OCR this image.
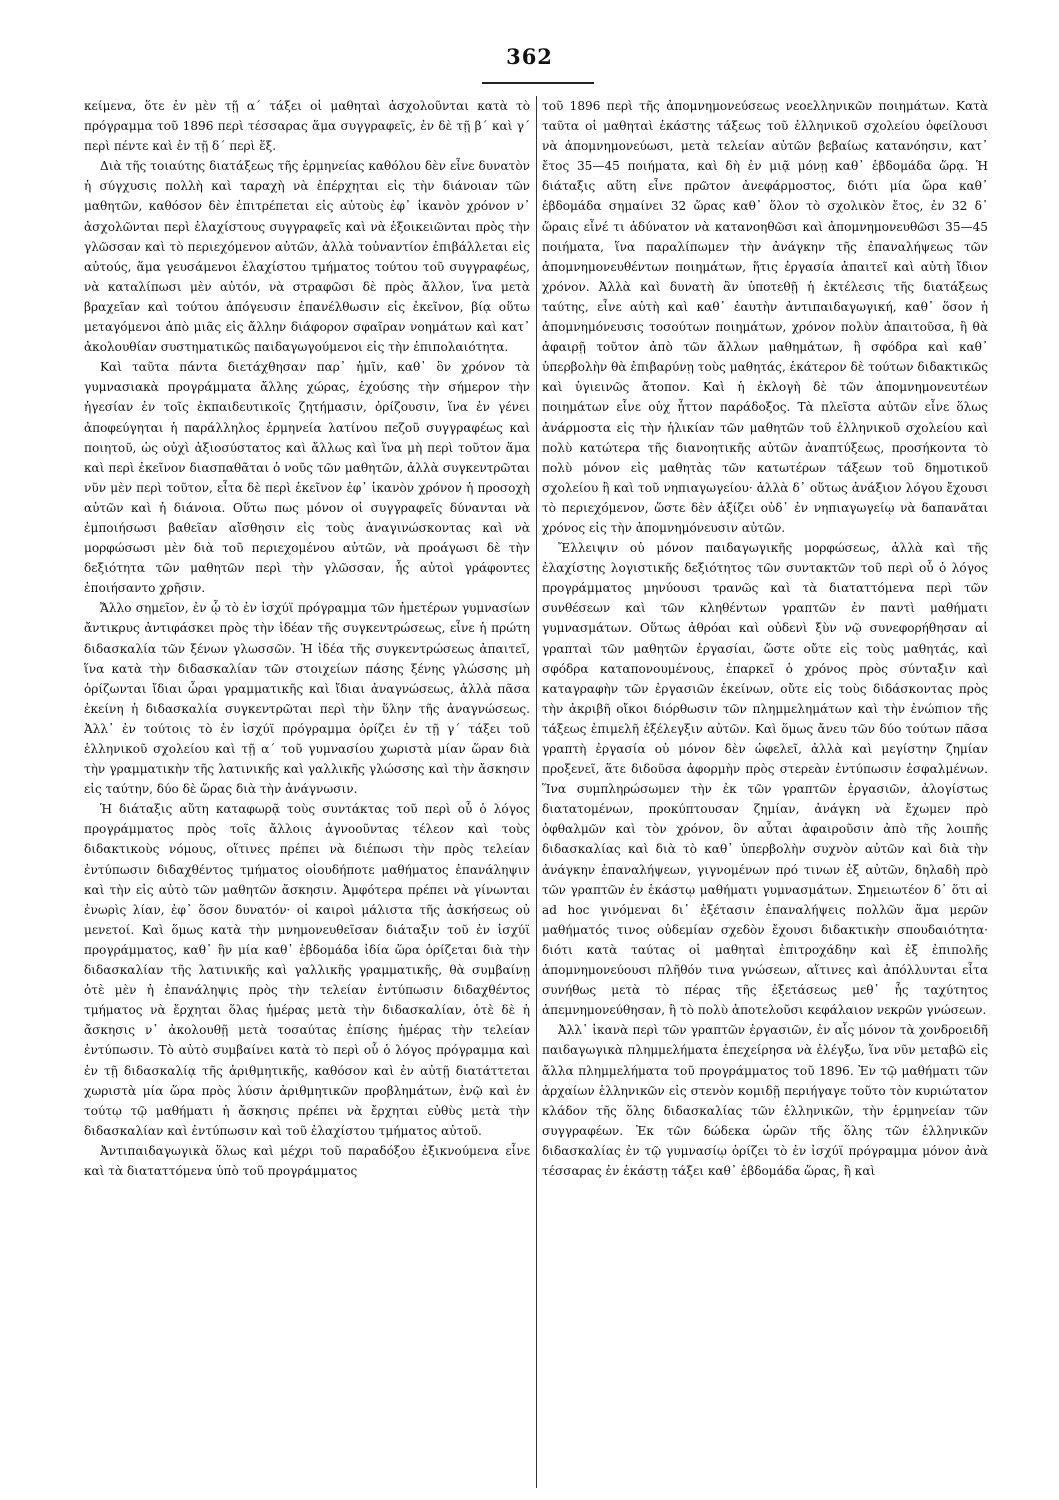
362

κείμενα, ὅτε ἐν μὲν τῇ α΄ τάξει οἱ μαθηταὶ ἀσχολοῦνται κατὰ τὸ πρόγραμμα τοῦ 1896 περὶ τέσσαρας ἅμα συγγραφεῖς, ἐν δὲ τῇ β΄ καὶ γ΄ περὶ πέντε καὶ ἐν τῇ δ΄ περὶ ἕξ.

Διὰ τῆς τοιαύτης διατάξεως τῆς ἑρμηνείας καθόλου δὲν εἶνε δυνατὸν ἡ σύγχυσις πολλὴ καὶ ταραχὴ νὰ ἐπέρχηται εἰς τὴν διάνοιαν τῶν μαθητῶν, καθόσον δὲν ἐπιτρέπεται εἰς αὐτοὺς ἐφ᾽ ἱκανὸν χρόνον ν᾽ ἀσχολῶνται περὶ ἐλαχίστους συγγραφεῖς καὶ νὰ ἐξοικειῶνται πρὸς τὴν γλῶσσαν καὶ τὸ περιεχόμενον αὐτῶν, ἀλλὰ τοὐναντίον ἐπιβάλλεται εἰς αὐτούς, ἅμα γευσάμενοι ἐλαχίστου τμήματος τούτου τοῦ συγγραφέως, νὰ καταλίπωσι μὲν αὐτόν, νὰ στραφῶσι δὲ πρὸς ἄλλον, ἵνα μετὰ βραχεῖαν καὶ τούτου ἀπόγευσιν ἐπανέλθωσιν εἰς ἐκεῖνον, βίᾳ οὕτω μεταγόμενοι ἀπὸ μιᾶς εἰς ἄλλην διάφορον σφαῖραν νοημάτων καὶ κατ᾽ ἀκολουθίαν συστηματικῶς παιδαγωγούμενοι εἰς τὴν ἐπιπολαιότητα.

Καὶ ταῦτα πάντα διετάχθησαν παρ᾽ ἡμῖν, καθ᾽ ὃν χρόνον τὰ γυμνασιακὰ προγράμματα ἄλλης χώρας, ἐχούσης τὴν σήμερον τὴν ἡγεσίαν ἐν τοῖς ἐκπαιδευτικοῖς ζητήμασιν, ὁρίζουσιν, ἵνα ἐν γένει ἀποφεύγηται ἡ παράλληλος ἑρμηνεία λατίνου πεζοῦ συγγραφέως καὶ ποιητοῦ, ὡς οὐχὶ ἀξιοσύστατος καὶ ἄλλως καὶ ἵνα μὴ περὶ τοῦτον ἅμα καὶ περὶ ἐκεῖνον διασπαθᾶται ὁ νοῦς τῶν μαθητῶν, ἀλλὰ συγκεντρῶται νῦν μὲν περὶ τοῦτον, εἶτα δὲ περὶ ἐκεῖνον ἐφ᾽ ἱκανὸν χρόνον ἡ προσοχὴ αὐτῶν καὶ ἡ διάνοια. Οὕτω πως μόνον οἱ συγγραφεῖς δύνανται νὰ ἐμποιήσωσι βαθεῖαν αἴσθησιν εἰς τοὺς ἀναγινώσκοντας καὶ νὰ μορφώσωσι μὲν διὰ τοῦ περιεχομένου αὐτῶν, νὰ προάγωσι δὲ τὴν δεξιότητα τῶν μαθητῶν περὶ τὴν γλῶσσαν, ἧς αὐτοὶ γράφοντες ἐποιήσαντο χρῆσιν.

Ἄλλο σημεῖον, ἐν ᾧ τὸ ἐν ἰσχύϊ πρόγραμμα τῶν ἡμετέρων γυμνασίων ἄντικρυς ἀντιφάσκει πρὸς τὴν ἰδέαν τῆς συγκεντρώσεως, εἶνε ἡ πρώτη διδασκαλία τῶν ξένων γλωσσῶν. Ἡ ἰδέα τῆς συγκεντρώσεως ἀπαιτεῖ, ἵνα κατὰ τὴν διδασκαλίαν τῶν στοιχείων πάσης ξένης γλώσσης μὴ ὁρίζωνται ἴδιαι ὧραι γραμματικῆς καὶ ἴδιαι ἀναγνώσεως, ἀλλὰ πᾶσα ἐκείνη ἡ διδασκαλία συγκεντρῶται περὶ τὴν ὕλην τῆς ἀναγνώσεως. Ἀλλ᾽ ἐν τούτοις τὸ ἐν ἰσχύϊ πρόγραμμα ὁρίζει ἐν τῇ γ΄ τάξει τοῦ ἑλληνικοῦ σχολείου καὶ τῇ α΄ τοῦ γυμνασίου χωριστὰ μίαν ὥραν διὰ τὴν γραμματικὴν τῆς λατινικῆς καὶ γαλλικῆς γλώσσης καὶ τὴν ἄσκησιν εἰς ταύτην, δύο δὲ ὥρας διὰ τὴν ἀνάγνωσιν.

Ἡ διάταξις αὕτη καταφωρᾷ τοὺς συντάκτας τοῦ περὶ οὗ ὁ λόγος προγράμματος πρὸς τοῖς ἄλλοις ἀγνοοῦντας τέλεον καὶ τοὺς διδακτικοὺς νόμους, οἵτινες πρέπει νὰ διέπωσι τὴν πρὸς τελείαν ἐντύπωσιν διδαχθέντος τμήματος οἱουδήποτε μαθήματος ἐπανάληψιν καὶ τὴν εἰς αὐτὸ τῶν μαθητῶν ἄσκησιν. Ἀμφότερα πρέπει νὰ γίνωνται ἐνωρὶς λίαν, ἐφ᾽ ὅσον δυνατόν· οἱ καιροὶ μάλιστα τῆς ἀσκήσεως οὐ μενετοί. Καὶ ὅμως κατὰ τὴν μνημονευθεῖσαν διάταξιν τοῦ ἐν ἰσχύϊ προγράμματος, καθ᾽ ἣν μία καθ᾽ ἑβδομάδα ἰδία ὥρα ὁρίζεται διὰ τὴν διδασκαλίαν τῆς λατινικῆς καὶ γαλλικῆς γραμματικῆς, θὰ συμβαίνῃ ὁτὲ μὲν ἡ ἐπανάληψις πρὸς τὴν τελείαν ἐντύπωσιν διδαχθέντος τμήματος νὰ ἔρχηται ὅλας ἡμέρας μετὰ τὴν διδασκαλίαν, ὁτὲ δὲ ἡ ἄσκησις ν᾽ ἀκολουθῇ μετὰ τοσαύτας ἐπίσης ἡμέρας τὴν τελείαν ἐντύπωσιν. Τὸ αὐτὸ συμβαίνει κατὰ τὸ περὶ οὗ ὁ λόγος πρόγραμμα καὶ ἐν τῇ διδασκαλίᾳ τῆς ἀριθμητικῆς, καθόσον καὶ ἐν αὐτῇ διατάττεται χωριστὰ μία ὥρα πρὸς λύσιν ἀριθμητικῶν προβλημάτων, ἐνῷ καὶ ἐν τούτῳ τῷ μαθήματι ἡ ἄσκησις πρέπει νὰ ἔρχηται εὐθὺς μετὰ τὴν διδασκαλίαν καὶ ἐντύπωσιν καὶ τοῦ ἐλαχίστου τμήματος αὐτοῦ.

Ἀντιπαιδαγωγικὰ ὅλως καὶ μέχρι τοῦ παραδόξου ἐξικνούμενα εἶνε καὶ τὰ διαταττόμενα ὑπὸ τοῦ προγράμματος

τοῦ 1896 περὶ τῆς ἀπομνημονεύσεως νεοελληνικῶν ποιημάτων. Κατὰ ταῦτα οἱ μαθηταὶ ἑκάστης τάξεως τοῦ ἑλληνικοῦ σχολείου ὀφείλουσι νὰ ἀπομνημονεύωσι, μετὰ τελείαν αὐτῶν βεβαίως κατανόησιν, κατ᾽ ἔτος 35—45 ποιήματα, καὶ δὴ ἐν μιᾷ μόνῃ καθ᾽ ἑβδομάδα ὥρᾳ. Ἡ διάταξις αὕτη εἶνε πρῶτον ἀνεφάρμοστος, διότι μία ὥρα καθ᾽ ἑβδομάδα σημαίνει 32 ὥρας καθ᾽ ὅλον τὸ σχολικὸν ἔτος, ἐν 32 δ᾽ ὥραις εἶνέ τι ἀδύνατον νὰ κατανοηθῶσι καὶ ἀπομνημονευθῶσι 35—45 ποιήματα, ἵνα παραλίπωμεν τὴν ἀνάγκην τῆς ἐπαναλήψεως τῶν ἀπομνημονευθέντων ποιημάτων, ἥτις ἐργασία ἀπαιτεῖ καὶ αὐτὴ ἴδιον χρόνον. Ἀλλὰ καὶ δυνατὴ ἂν ὑποτεθῇ ἡ ἐκτέλεσις τῆς διατάξεως ταύτης, εἶνε αὐτὴ καὶ καθ᾽ ἑαυτὴν ἀντιπαιδαγωγική, καθ᾽ ὅσον ἡ ἀπομνημόνευσις τοσούτων ποιημάτων, χρόνον πολὺν ἀπαιτοῦσα, ἢ θὰ ἀφαιρῇ τοῦτον ἀπὸ τῶν ἄλλων μαθημάτων, ἢ σφόδρα καὶ καθ᾽ ὑπερβολὴν θὰ ἐπιβαρύνῃ τοὺς μαθητάς, ἑκάτερον δὲ τούτων διδακτικῶς καὶ ὑγιεινῶς ἄτοπον. Καὶ ἡ ἐκλογὴ δὲ τῶν ἀπομνημονευτέων ποιημάτων εἶνε οὐχ ἧττον παράδοξος. Τὰ πλεῖστα αὐτῶν εἶνε ὅλως ἀνάρμοστα εἰς τὴν ἡλικίαν τῶν μαθητῶν τοῦ ἑλληνικοῦ σχολείου καὶ πολὺ κατώτερα τῆς διανοητικῆς αὐτῶν ἀναπτύξεως, προσήκοντα τὸ πολὺ μόνον εἰς μαθητὰς τῶν κατωτέρων τάξεων τοῦ δημοτικοῦ σχολείου ἢ καὶ τοῦ νηπιαγωγείου· ἀλλὰ δ᾽ οὕτως ἀνάξιον λόγου ἔχουσι τὸ περιεχόμενον, ὥστε δὲν ἀξίζει οὐδ᾽ ἐν νηπιαγωγείῳ νὰ δαπανᾶται χρόνος εἰς τὴν ἀπομνημόνευσιν αὐτῶν.

Ἔλλειψιν οὐ μόνον παιδαγωγικῆς μορφώσεως, ἀλλὰ καὶ τῆς ἐλαχίστης λογιστικῆς δεξιότητος τῶν συντακτῶν τοῦ περὶ οὗ ὁ λόγος προγράμματος μηνύουσι τρανῶς καὶ τὰ διαταττόμενα περὶ τῶν συνθέσεων καὶ τῶν κληθέντων γραπτῶν ἐν παντὶ μαθήματι γυμνασμάτων. Οὕτως ἀθρόαι καὶ οὐδενὶ ξὺν νῷ συνεφορήθησαν αἱ γραπταὶ τῶν μαθητῶν ἐργασίαι, ὥστε οὔτε εἰς τοὺς μαθητάς, καὶ σφόδρα καταπονουμένους, ἐπαρκεῖ ὁ χρόνος πρὸς σύνταξιν καὶ καταγραφὴν τῶν ἐργασιῶν ἐκείνων, οὔτε εἰς τοὺς διδάσκοντας πρὸς τὴν ἀκριβῆ οἴκοι διόρθωσιν τῶν πλημμελημάτων καὶ τὴν ἐνώπιον τῆς τάξεως ἐπιμελῆ ἐξέλεγξιν αὐτῶν. Καὶ ὅμως ἄνευ τῶν δύο τούτων πᾶσα γραπτὴ ἐργασία οὐ μόνον δὲν ὠφελεῖ, ἀλλὰ καὶ μεγίστην ζημίαν προξενεῖ, ἅτε διδοῦσα ἀφορμὴν πρὸς στερεὰν ἐντύπωσιν ἐσφαλμένων. Ἵνα συμπληρώσωμεν τὴν ἐκ τῶν γραπτῶν ἐργασιῶν, ἀλογίστως διατατομένων, προκύπτουσαν ζημίαν, ἀνάγκη νὰ ἔχωμεν πρὸ ὀφθαλμῶν καὶ τὸν χρόνον, ὃν αὗται ἀφαιροῦσιν ἀπὸ τῆς λοιπῆς διδασκαλίας καὶ διὰ τὸ καθ᾽ ὑπερβολὴν συχνὸν αὐτῶν καὶ διὰ τὴν ἀνάγκην ἐπαναλήψεων, γιγνομένων πρό τινων ἐξ αὐτῶν, δηλαδὴ πρὸ τῶν γραπτῶν ἐν ἑκάστῳ μαθήματι γυμνασμάτων. Σημειωτέον δ᾽ ὅτι αἱ ad hoc γινόμεναι δι᾽ ἐξέτασιν ἐπαναλήψεις πολλῶν ἅμα μερῶν μαθήματός τινος οὐδεμίαν σχεδὸν ἔχουσι διδακτικὴν σπουδαιότητα· διότι κατὰ ταύτας οἱ μαθηταὶ ἐπιτροχάδην καὶ ἐξ ἐπιπολῆς ἀπομνημονεύουσι πλῆθόν τινα γνώσεων, αἵτινες καὶ ἀπόλλυνται εἶτα συνήθως μετὰ τὸ πέρας τῆς ἐξετάσεως μεθ᾽ ἧς ταχύτητος ἀπεμνημονεύθησαν, ἢ τὸ πολὺ ἀποτελοῦσι κεφάλαιον νεκρῶν γνώσεων.

Ἀλλ᾽ ἱκανὰ περὶ τῶν γραπτῶν ἐργασιῶν, ἐν αἷς μόνον τὰ χονδροειδῆ παιδαγωγικὰ πλημμελήματα ἐπεχείρησα νὰ ἐλέγξω, ἵνα νῦν μεταβῶ εἰς ἄλλα πλημμελήματα τοῦ προγράμματος τοῦ 1896. Ἐν τῷ μαθήματι τῶν ἀρχαίων ἑλληνικῶν εἰς στενὸν κομιδῇ περιήγαγε τοῦτο τὸν κυριώτατον κλάδον τῆς ὅλης διδασκαλίας τῶν ἑλληνικῶν, τὴν ἑρμηνείαν τῶν συγγραφέων. Ἐκ τῶν δώδεκα ὡρῶν τῆς ὅλης τῶν ἑλληνικῶν διδασκαλίας ἐν τῷ γυμνασίῳ ὁρίζει τὸ ἐν ἰσχύϊ πρόγραμμα μόνον ἀνὰ τέσσαρας ἐν ἑκάστῃ τάξει καθ᾽ ἑβδομάδα ὥρας, ἢ καὶ
